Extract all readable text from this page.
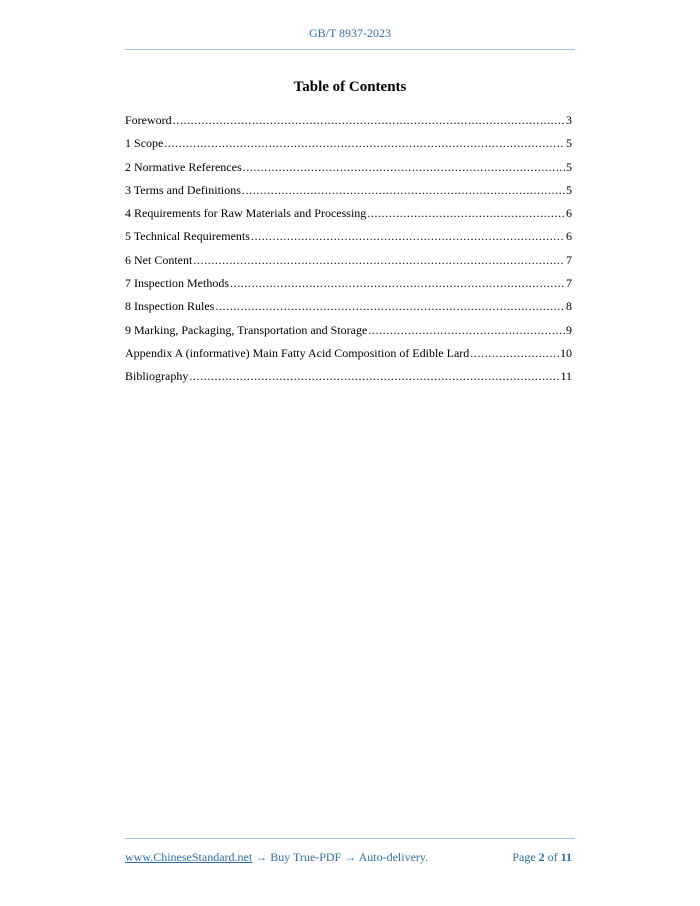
GB/T 8937-2023
Table of Contents
Foreword .....	3
1 Scope .....	5
2 Normative References .....	5
3 Terms and Definitions .....	5
4 Requirements for Raw Materials and Processing .....	6
5 Technical Requirements .....	6
6 Net Content .....	7
7 Inspection Methods .....	7
8 Inspection Rules .....	8
9 Marking, Packaging, Transportation and Storage .....	9
Appendix A (informative) Main Fatty Acid Composition of Edible Lard .....	10
Bibliography .....	11
www.ChineseStandard.net → Buy True-PDF → Auto-delivery.	Page 2 of 11
